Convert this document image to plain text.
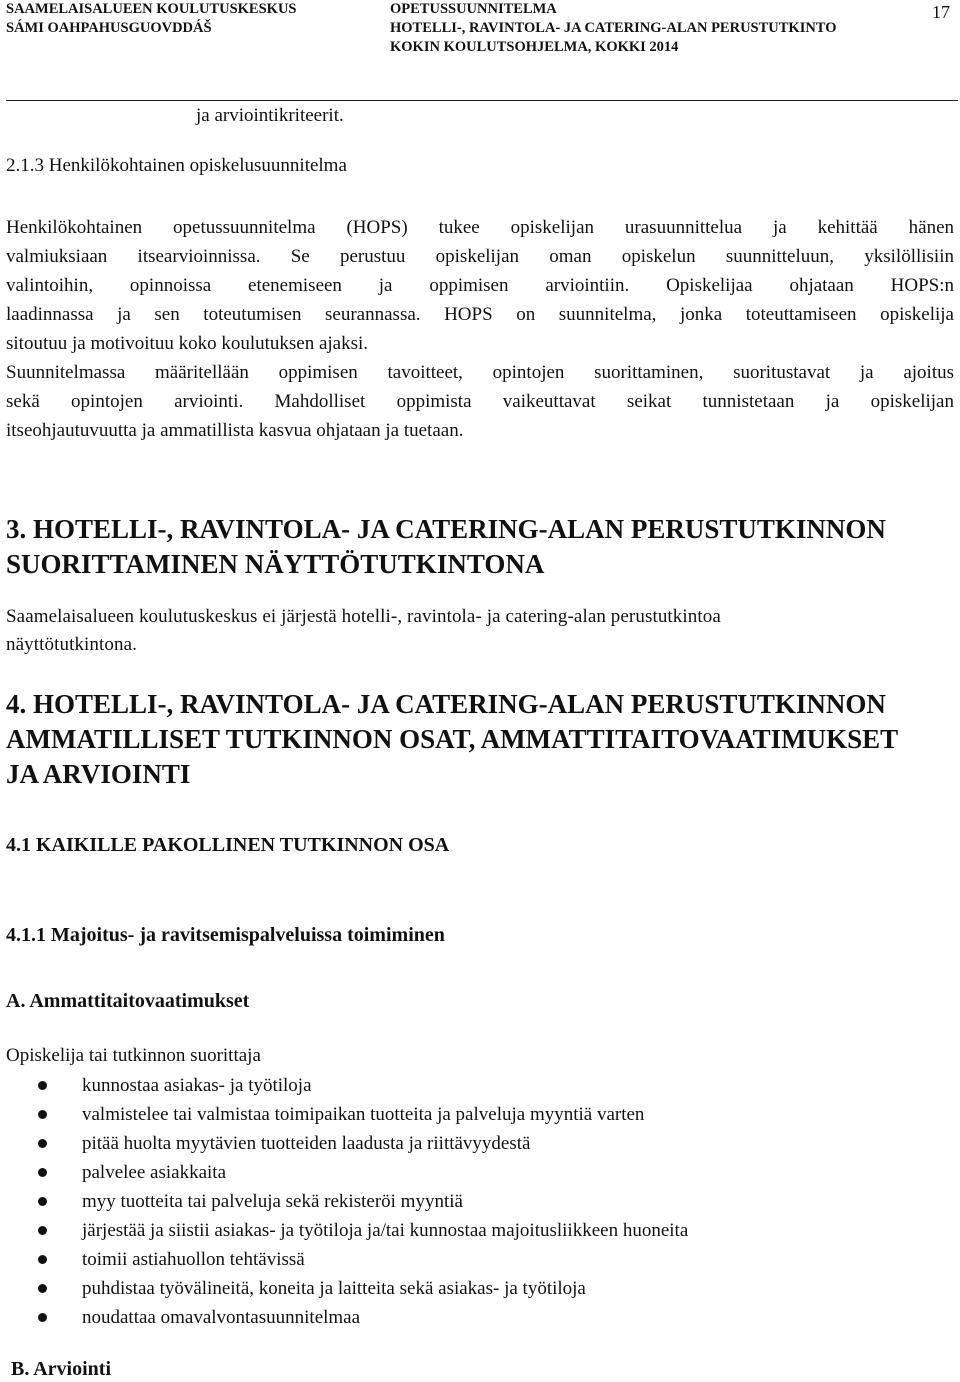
SAAMELAISALUEEN KOULUTUSKESKUS
SÁMI OAHPAHUSGUOVDDÁŠ
OPETUSSUUNNITELMA
HOTELLI-, RAVINTOLA- JA CATERING-ALAN PERUSTUTKINTO
KOKIN KOULUTSOHJELMA, KOKKI 2014
17
ja arviointikriteerit.
2.1.3 Henkilökohtainen opiskelusuunnitelma
Henkilökohtainen opetussuunnitelma (HOPS) tukee opiskelijan urasuunnittelua ja kehittää hänen
valmiuksiaan itsearvioinnissa. Se perustuu opiskelijan oman opiskelun suunnitteluun, yksilöllisiin
valintoihin, opinnoissa etenemiseen ja oppimisen arviointiin. Opiskelijaa ohjataan HOPS:n
laadinnassa ja sen toteutumisen seurannassa. HOPS on suunnitelma, jonka toteuttamiseen opiskelija
sitoutuu ja motivoituu koko koulutuksen ajaksi.
Suunnitelmassa määritellään oppimisen tavoitteet, opintojen suorittaminen, suoritustavat ja ajoitus
sekä opintojen arviointi. Mahdolliset oppimista vaikeuttavat seikat tunnistetaan ja opiskelijan
itseohjautuvuutta ja ammatillista kasvua ohjataan ja tuetaan.
3. HOTELLI-, RAVINTOLA- JA CATERING-ALAN PERUSTUTKINNON
SUORITTAMINEN NÄYTTÖTUTKINTONA
Saamelaisalueen koulutuskeskus ei järjestä hotelli-, ravintola- ja catering-alan perustutkintoa
näyttötutkintona.
4. HOTELLI-, RAVINTOLA- JA CATERING-ALAN PERUSTUTKINNON
AMMATILLISET TUTKINNON OSAT, AMMATTITAITOVAATIMUKSET
JA ARVIOINTI
4.1 KAIKILLE PAKOLLINEN TUTKINNON OSA
4.1.1 Majoitus- ja ravitsemispalveluissa toimiminen
A. Ammattitaitovaatimukset
Opiskelija tai tutkinnon suorittaja
kunnostaa asiakas- ja työtiloja
valmistelee tai valmistaa toimipaikan tuotteita ja palveluja myyntiä varten
pitää huolta myytävien tuotteiden laadusta ja riittävyydestä
palvelee asiakkaita
myy tuotteita tai palveluja sekä rekisteröi myyntiä
järjestää ja siistii asiakas- ja työtiloja ja/tai kunnostaa majoitusliikkeen huoneita
toimii astiahuollon tehtävissä
puhdistaa työvälineitä, koneita ja laitteita sekä asiakas- ja työtiloja
noudattaa omavalvontasuunnitelmaa
B. Arviointi
